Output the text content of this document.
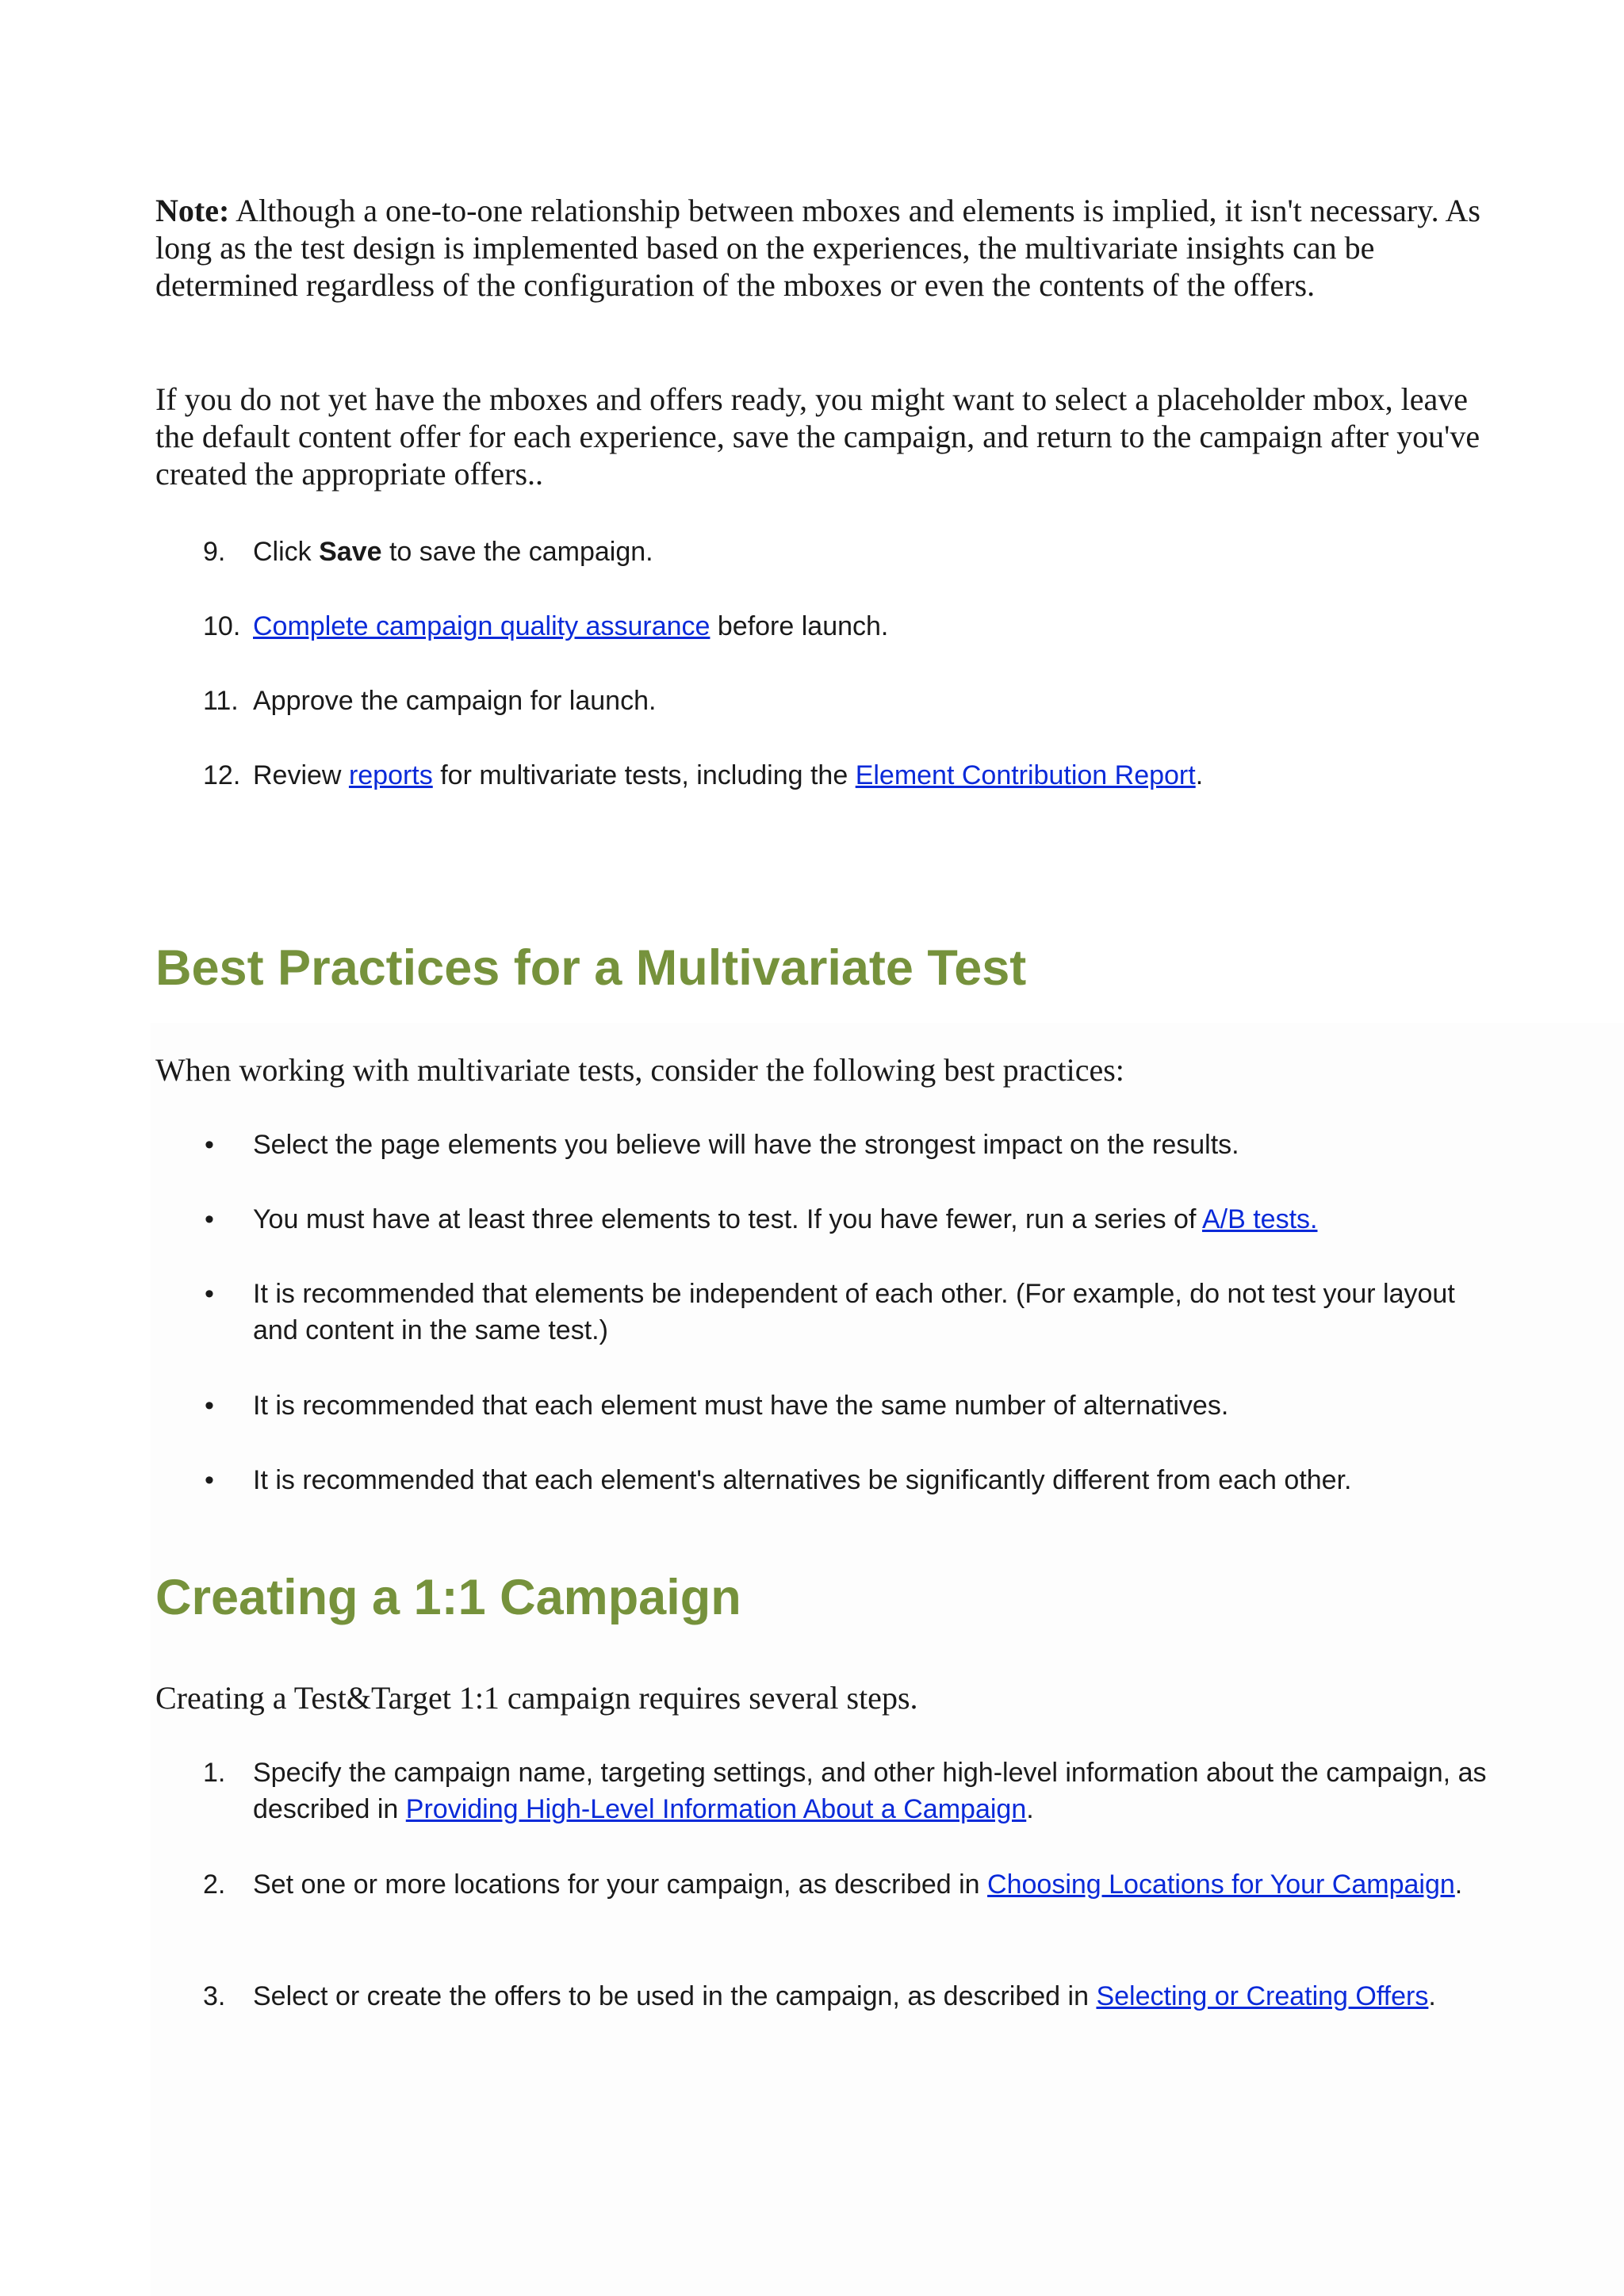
Note: Although a one-to-one relationship between mboxes and elements is implied, it isn't necessary. As long as the test design is implemented based on the experiences, the multivariate insights can be determined regardless of the configuration of the mboxes or even the contents of the offers.

If you do not yet have the mboxes and offers ready, you might want to select a placeholder mbox, leave the default content offer for each experience, save the campaign, and return to the campaign after you've created the appropriate offers..

9.	Click Save to save the campaign.
10. Complete campaign quality assurance before launch.
11. Approve the campaign for launch.
12. Review reports for multivariate tests, including the Element Contribution Report.
Best Practices for a Multivariate Test

When working with multivariate tests, consider the following best practices:

• Select the page elements you believe will have the strongest impact on the results.
• You must have at least three elements to test. If you have fewer, run a series of A/B tests.
• It is recommended that elements be independent of each other. (For example, do not test your layout and content in the same test.)
• It is recommended that each element must have the same number of alternatives.
• It is recommended that each element's alternatives be significantly different from each other.
Creating a 1:1 Campaign

Creating a Test&Target 1:1 campaign requires several steps.

1.	Specify the campaign name, targeting settings, and other high-level information about the campaign, as described in Providing High-Level Information About a Campaign.
2.	Set one or more locations for your campaign, as described in Choosing Locations for Your Campaign.
3.	Select or create the offers to be used in the campaign, as described in Selecting or Creating Offers.
